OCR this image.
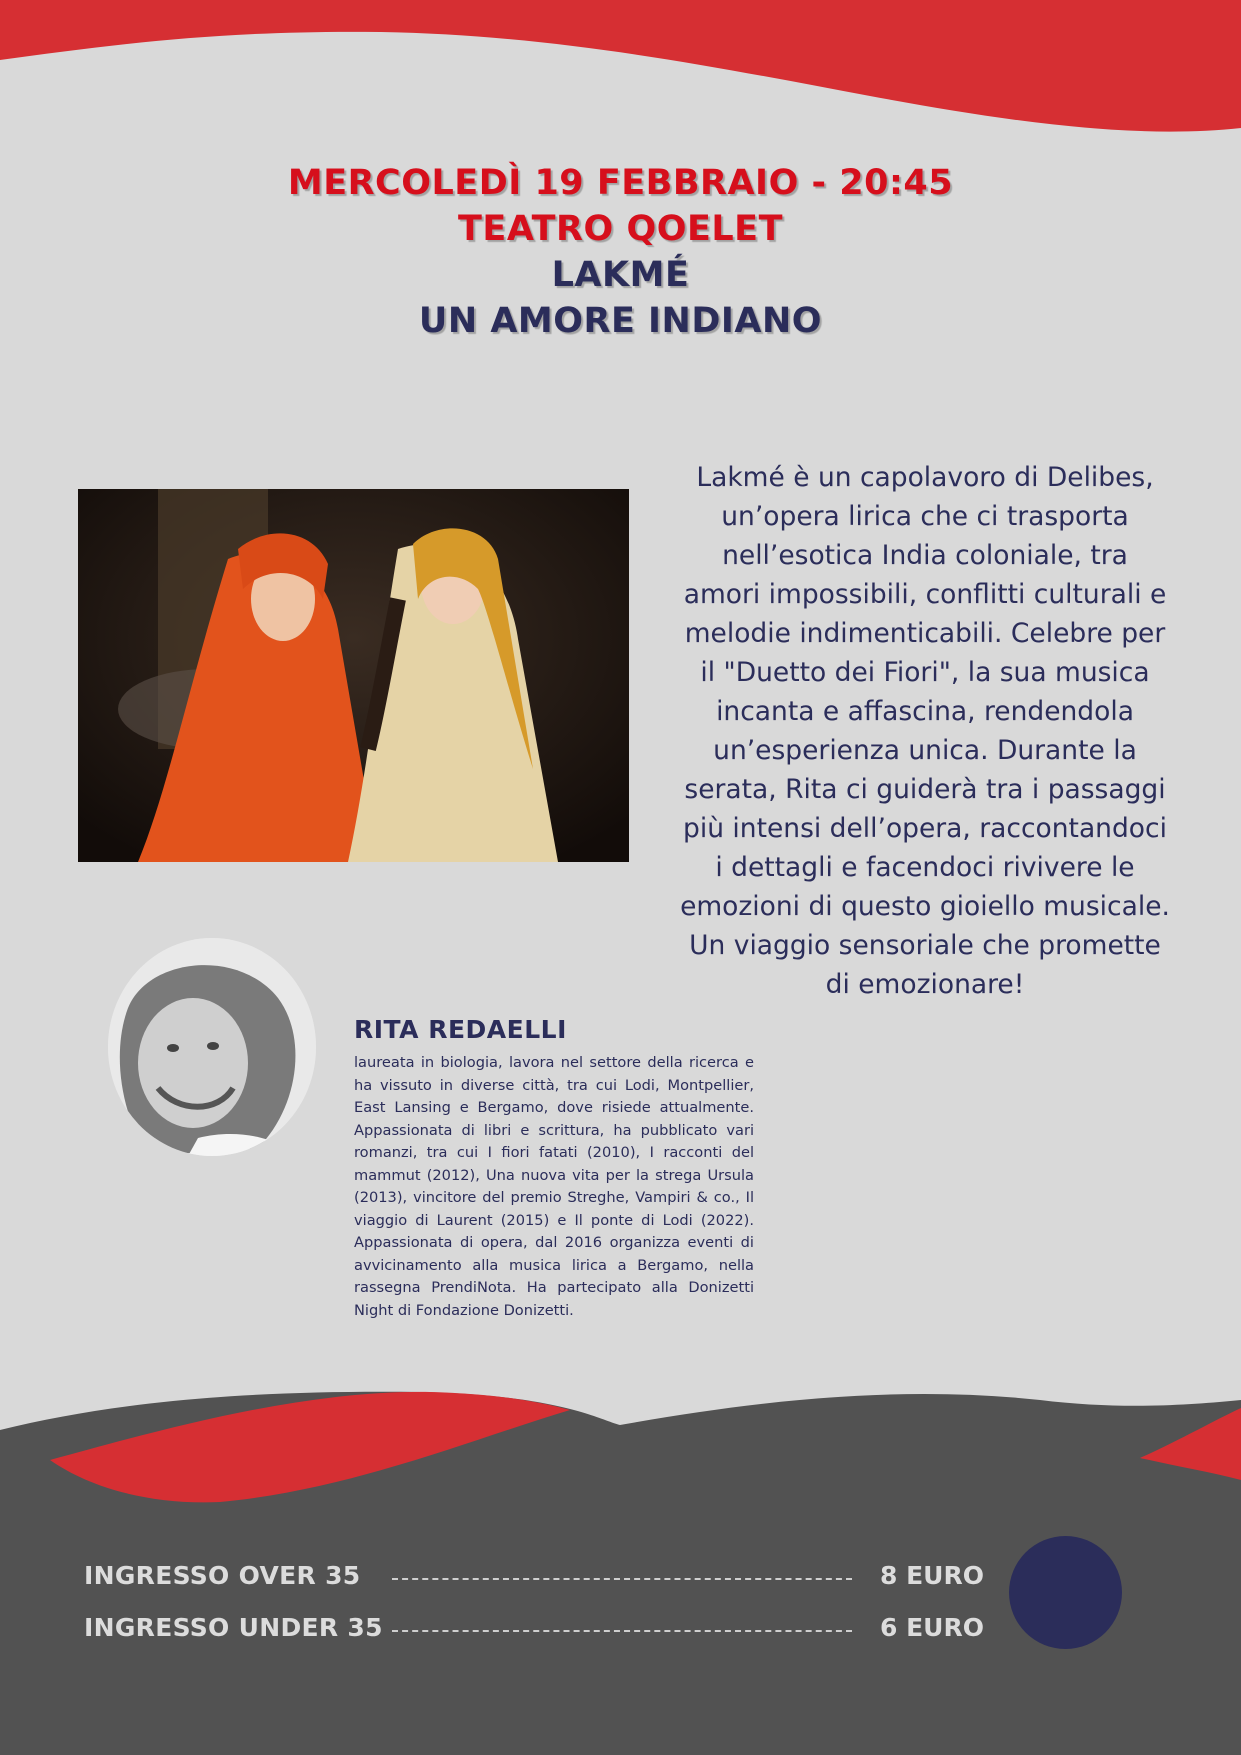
MERCOLEDÌ 19 FEBBRAIO - 20:45
TEATRO QOELET
LAKMÉ
UN AMORE INDIANO
Lakmé è un capolavoro di Delibes,
un’opera lirica che ci trasporta
nell’esotica India coloniale, tra
amori impossibili, conflitti culturali e
melodie indimenticabili. Celebre per
il "Duetto dei Fiori", la sua musica
incanta e affascina, rendendola
un’esperienza unica. Durante la
serata, Rita ci guiderà tra i passaggi
più intensi dell’opera, raccontandoci
i dettagli e facendoci rivivere le
emozioni di questo gioiello musicale.
Un viaggio sensoriale che promette
di emozionare!
RITA REDAELLI
laureata in biologia, lavora nel settore della ricerca e ha vissuto in diverse città, tra cui Lodi, Montpellier, East Lansing e Bergamo, dove risiede attualmente. Appassionata di libri e scrittura, ha pubblicato vari romanzi, tra cui I fiori fatati (2010), I racconti del mammut (2012), Una nuova vita per la strega Ursula (2013), vincitore del premio Streghe, Vampiri & co., Il viaggio di Laurent (2015) e Il ponte di Lodi (2022). Appassionata di opera, dal 2016 organizza eventi di avvicinamento alla musica lirica a Bergamo, nella rassegna PrendiNota. Ha partecipato alla Donizetti Night di Fondazione Donizetti.
INGRESSO OVER 35	8 EURO
INGRESSO UNDER 35	6 EURO
